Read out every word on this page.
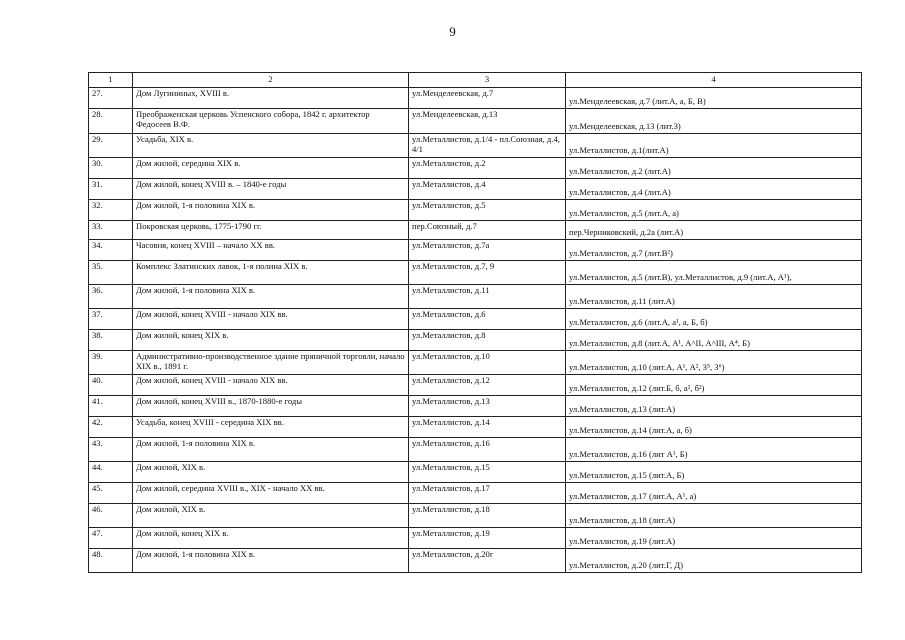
9
1	2	3	4
27.	Дом Лугининых, XVIII в.	ул.Менделеевская, д.7	ул.Менделеевская, д.7 (лит.А, а, Б, В)
28.	Преображенская церковь Успенского собора, 1842 г. архитектор Федосеев В.Ф.	ул.Менделеевская, д.13	ул.Менделеевская, д.13 (лит.З)
29.	Усадьба, XIX в.	ул.Металлистов, д.1/4 - пл.Союзная, д.4, 4/1	ул.Металлистов, д.1(лит.А)
30.	Дом жилой, середина XIX в.	ул.Металлистов, д.2	ул.Металлистов, д.2 (лит.А)
31.	Дом жилой, конец XVIII в. – 1840-е годы	ул.Металлистов, д.4	ул.Металлистов, д.4 (лит.А)
32.	Дом жилой, 1-я половина XIX в.	ул.Металлистов, д.5	ул.Металлистов, д.5 (лит.А, а)
33.	Покровская церковь, 1775-1790 гг.	пер.Союзный, д.7	пер.Черниковский, д.2а (лит.А)
34.	Часовня, конец XVIII – начало XX вв.	ул.Металлистов, д.7а	ул.Металлистов, д.7 (лит.В²)
35.	Комплекс Златинских лавок, 1-я полина XIX в.	ул.Металлистов, д.7, 9	ул.Металлистов, д.5 (лит.В), ул.Металлистов, д.9 (лит.А, А¹),
36.	Дом жилой, 1-я половина XIX в.	ул.Металлистов, д.11	ул.Металлистов, д.11 (лит.А)
37.	Дом жилой, конец XVIII - начало XIX вв.	ул.Металлистов, д.6	ул.Металлистов, д.6 (лит.А, а¹, а, Б, б)
38.	Дом жилой, конец XIX в.	ул.Металлистов, д.8	ул.Металлистов, д.8 (лит.А, А¹, А^II, А^III, А⁴, Б)
39.	Административно-производственное здание пряничной торговли, начало XIX в., 1891 г.	ул.Металлистов, д.10	ул.Металлистов, д.10 (лит.А, А¹, А², З⁵, З⁶)
40.	Дом жилой, конец XVIII - начало XIX вв.	ул.Металлистов, д.12	ул.Металлистов, д.12 (лит.Б, б, а², б²)
41.	Дом жилой, конец XVIII в., 1870-1880-е годы	ул.Металлистов, д.13	ул.Металлистов, д.13 (лит.А)
42.	Усадьба, конец XVIII - середина XIX вв.	ул.Металлистов, д.14	ул.Металлистов, д.14 (лит.А, а, б)
43.	Дом жилой, 1-я половина XIX в.	ул.Металлистов, д.16	ул.Металлистов, д.16 (лит А¹, Б)
44.	Дом жилой, XIX в.	ул.Металлистов, д.15	ул.Металлистов, д.15 (лит.А, Б)
45.	Дом жилой, середина XVIII в., XIX - начало XX вв.	ул.Металлистов, д.17	ул.Металлистов, д.17 (лит.А, А¹, а)
46.	Дом жилой, XIX в.	ул.Металлистов, д.18	ул.Металлистов, д.18 (лит.А)
47.	Дом жилой, конец XIX в.	ул.Металлистов, д.19	ул.Металлистов, д.19 (лит.А)
48.	Дом жилой, 1-я половина XIX в.	ул.Металлистов, д.20г	ул.Металлистов, д.20 (лит.Г, Д)
